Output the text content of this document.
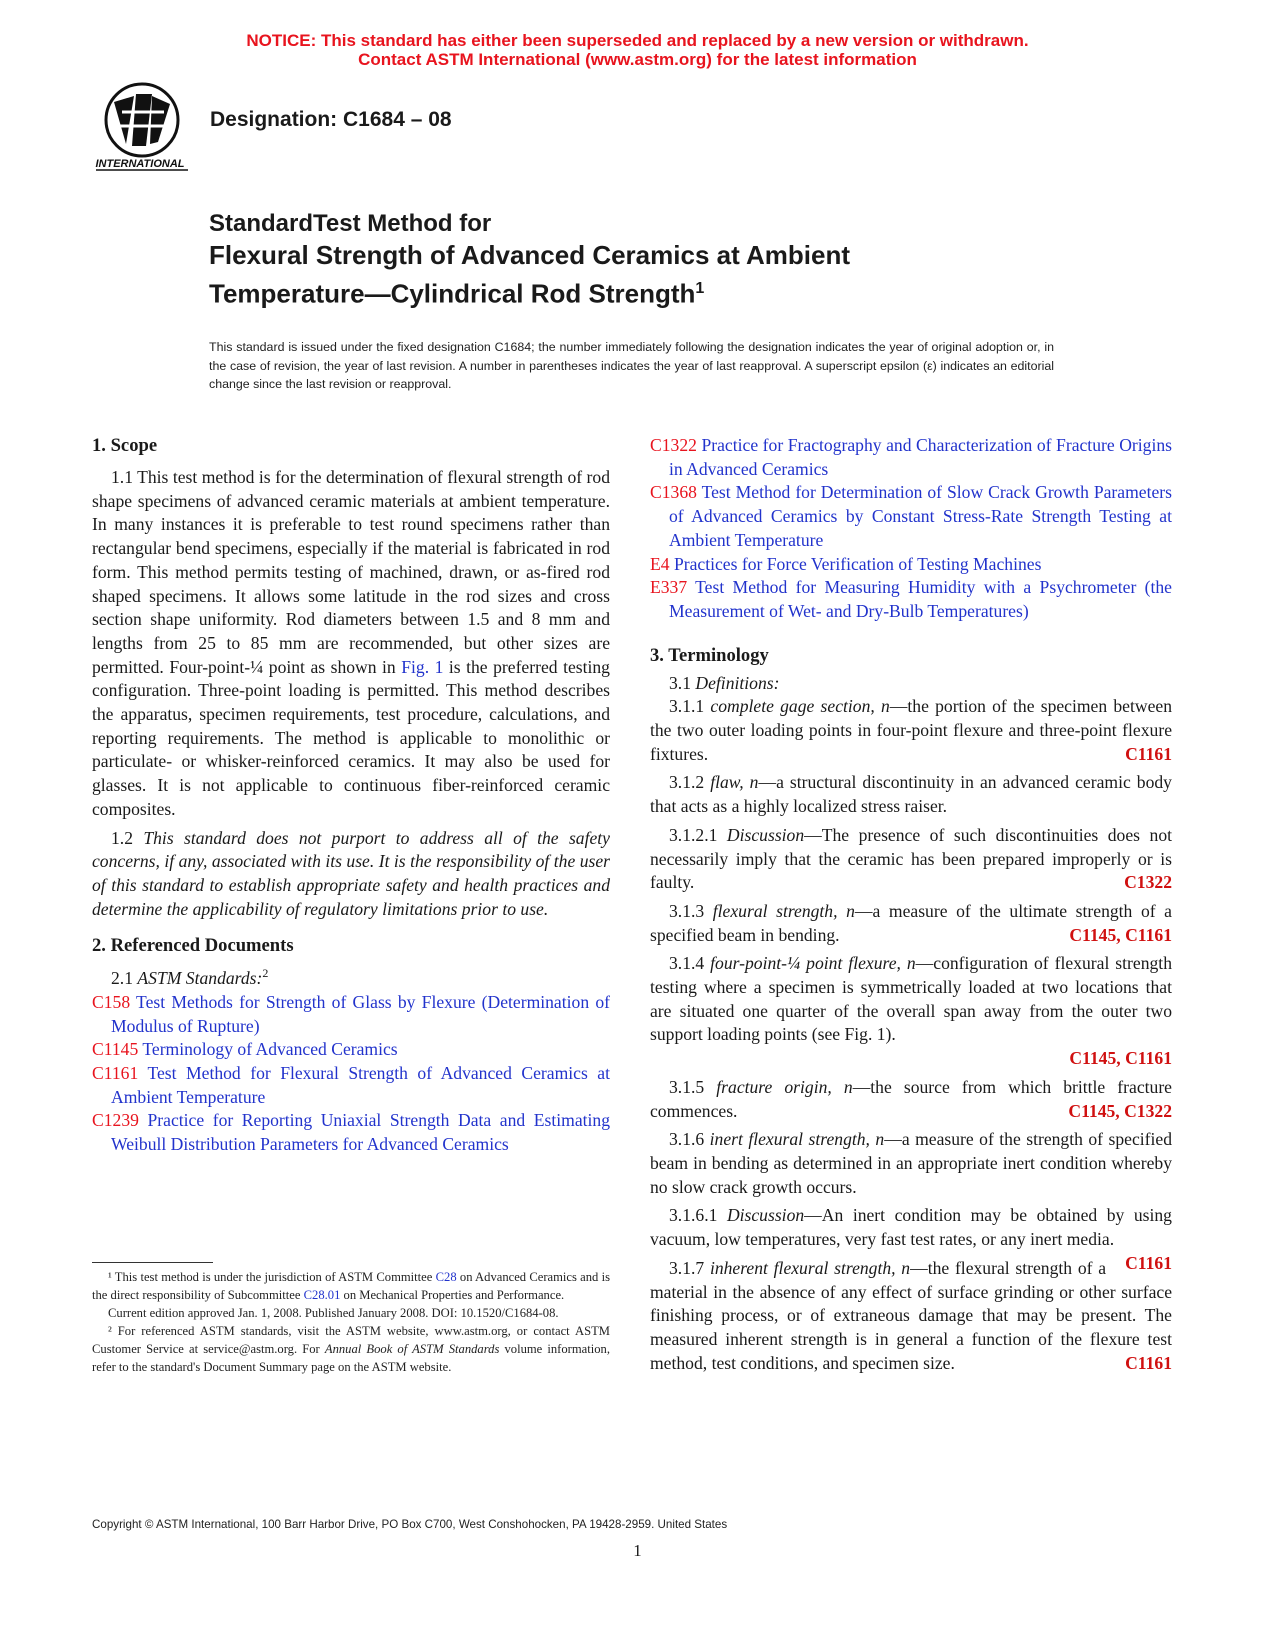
NOTICE: This standard has either been superseded and replaced by a new version or withdrawn.
Contact ASTM International (www.astm.org) for the latest information
INTERNATIONAL
Designation: C1684 – 08
StandardTest Method for
Flexural Strength of Advanced Ceramics at Ambient
Temperature—Cylindrical Rod Strength$^1$
This standard is issued under the fixed designation C1684; the number immediately following the designation indicates the year of original adoption or, in the case of revision, the year of last revision. A number in parentheses indicates the year of last reapproval. A superscript epsilon (ε) indicates an editorial change since the last revision or reapproval.
1. Scope

1.1 This test method is for the determination of flexural strength of rod shape specimens of advanced ceramic materials at ambient temperature. In many instances it is preferable to test round specimens rather than rectangular bend specimens, especially if the material is fabricated in rod form. This method permits testing of machined, drawn, or as-fired rod shaped specimens. It allows some latitude in the rod sizes and cross section shape uniformity. Rod diameters between 1.5 and 8 mm and lengths from 25 to 85 mm are recommended, but other sizes are permitted. Four-point-¼ point as shown in Fig. 1 is the preferred testing configuration. Three-point loading is permitted. This method describes the apparatus, specimen requirements, test procedure, calculations, and reporting requirements. The method is applicable to monolithic or particulate- or whisker-reinforced ceramics. It may also be used for glasses. It is not applicable to continuous fiber-reinforced ceramic composites.

1.2 This standard does not purport to address all of the safety concerns, if any, associated with its use. It is the responsibility of the user of this standard to establish appropriate safety and health practices and determine the applicability of regulatory limitations prior to use.

2. Referenced Documents

2.1 ASTM Standards:$^2$

C158 Test Methods for Strength of Glass by Flexure (Determination of Modulus of Rupture)
C1145 Terminology of Advanced Ceramics
C1161 Test Method for Flexural Strength of Advanced Ceramics at Ambient Temperature
C1239 Practice for Reporting Uniaxial Strength Data and Estimating Weibull Distribution Parameters for Advanced Ceramics
C1322 Practice for Fractography and Characterization of Fracture Origins in Advanced Ceramics
C1368 Test Method for Determination of Slow Crack Growth Parameters of Advanced Ceramics by Constant Stress-Rate Strength Testing at Ambient Temperature
E4 Practices for Force Verification of Testing Machines
E337 Test Method for Measuring Humidity with a Psychrometer (the Measurement of Wet- and Dry-Bulb Temperatures)
3. Terminology

3.1 Definitions:

3.1.1 complete gage section, n—the portion of the specimen between the two outer loading points in four-point flexure and three-point flexure fixtures.	C1161

3.1.2 flaw, n—a structural discontinuity in an advanced ceramic body that acts as a highly localized stress raiser.

3.1.2.1 Discussion—The presence of such discontinuities does not necessarily imply that the ceramic has been prepared improperly or is faulty.	C1322

3.1.3 flexural strength, n—a measure of the ultimate strength of a specified beam in bending.	C1145, C1161

3.1.4 four-point-¼ point flexure, n—configuration of flexural strength testing where a specimen is symmetrically loaded at two locations that are situated one quarter of the overall span away from the outer two support loading points (see Fig. 1).

C1145, C1161

3.1.5 fracture origin, n—the source from which brittle fracture commences.	C1145, C1322

3.1.6 inert flexural strength, n—a measure of the strength of specified beam in bending as determined in an appropriate inert condition whereby no slow crack growth occurs.

3.1.6.1 Discussion—An inert condition may be obtained by using vacuum, low temperatures, very fast test rates, or any inert media.
C1161

3.1.7 inherent flexural strength, n—the flexural strength of a material in the absence of any effect of surface grinding or other surface finishing process, or of extraneous damage that may be present. The measured inherent strength is in general a function of the flexure test method, test conditions, and specimen size.	C1161

¹ This test method is under the jurisdiction of ASTM Committee C28 on Advanced Ceramics and is the direct responsibility of Subcommittee C28.01 on Mechanical Properties and Performance.

Current edition approved Jan. 1, 2008. Published January 2008. DOI: 10.1520/C1684-08.

² For referenced ASTM standards, visit the ASTM website, www.astm.org, or contact ASTM Customer Service at service@astm.org. For Annual Book of ASTM Standards volume information, refer to the standard's Document Summary page on the ASTM website.

Copyright © ASTM International, 100 Barr Harbor Drive, PO Box C700, West Conshohocken, PA 19428-2959. United States
1
